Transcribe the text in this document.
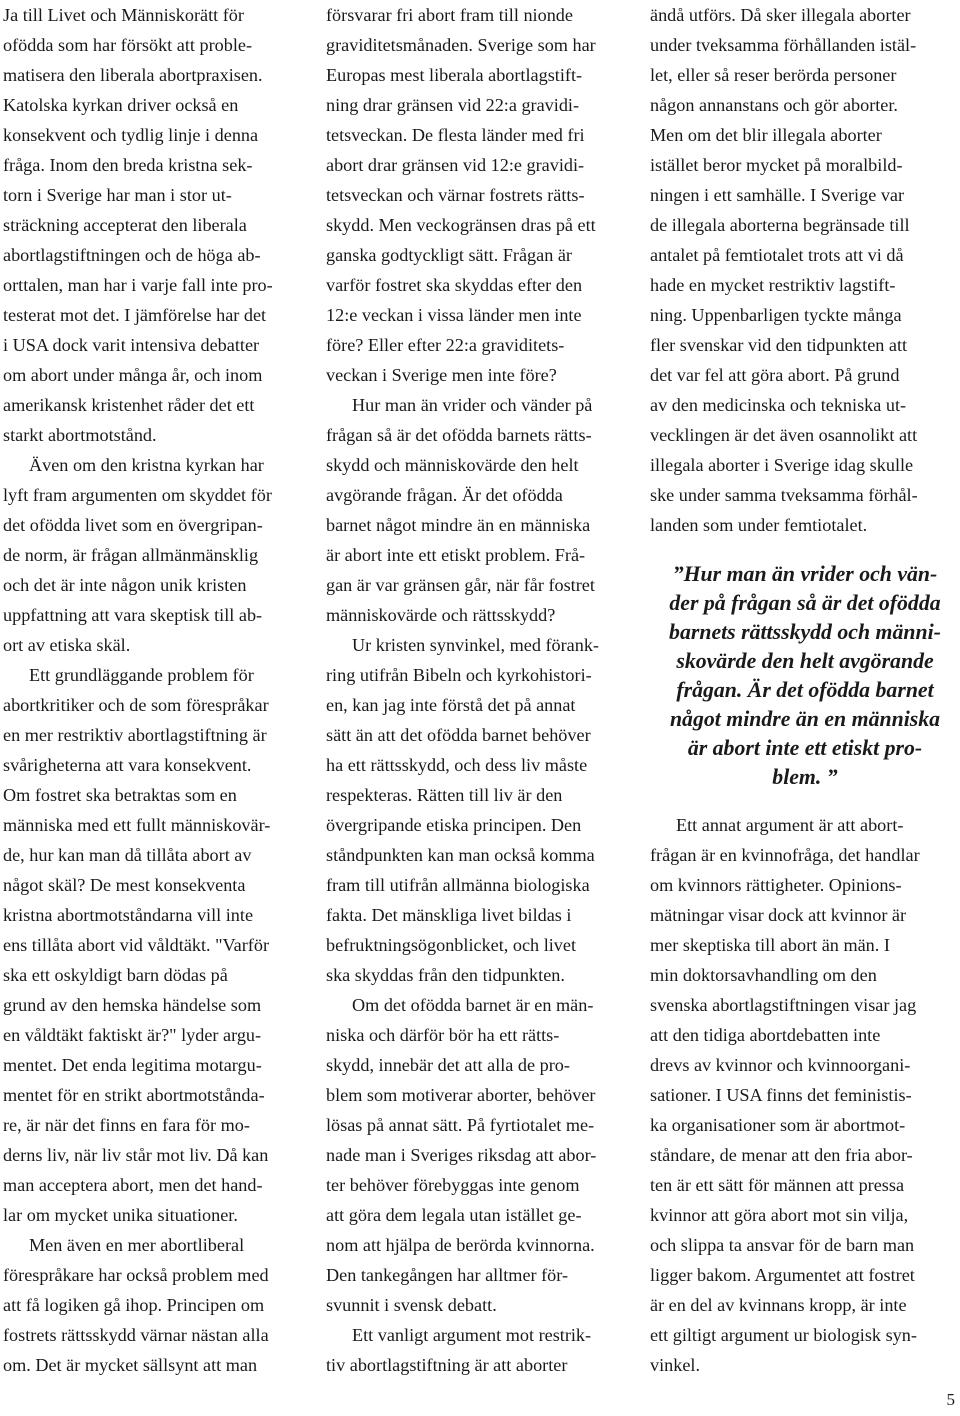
Ja till Livet och Människorätt för
ofödda som har försökt att proble-
matisera den liberala abortpraxisen.
Katolska kyrkan driver också en
konsekvent och tydlig linje i denna
fråga. Inom den breda kristna sek-
torn i Sverige har man i stor ut-
sträckning accepterat den liberala
abortlagstiftningen och de höga ab-
orttalen, man har i varje fall inte pro-
testerat mot det. I jämförelse har det
i USA dock varit intensiva debatter
om abort under många år, och inom
amerikansk kristenhet råder det ett
starkt abortmotstånd.

Även om den kristna kyrkan har
lyft fram argumenten om skyddet för
det ofödda livet som en övergripan-
de norm, är frågan allmänmänsklig
och det är inte någon unik kristen
uppfattning att vara skeptisk till ab-
ort av etiska skäl.

Ett grundläggande problem för
abortkritiker och de som förespråkar
en mer restriktiv abortlagstiftning är
svårigheterna att vara konsekvent.
Om fostret ska betraktas som en
människa med ett fullt människovär-
de, hur kan man då tillåta abort av
något skäl? De mest konsekventa
kristna abortmotståndarna vill inte
ens tillåta abort vid våldtäkt. "Varför
ska ett oskyldigt barn dödas på
grund av den hemska händelse som
en våldtäkt faktiskt är?" lyder argu-
mentet. Det enda legitima motargu-
mentet för en strikt abortmotstånda-
re, är när det finns en fara för mo-
derns liv, när liv står mot liv. Då kan
man acceptera abort, men det hand-
lar om mycket unika situationer.

Men även en mer abortliberal
förespråkare har också problem med
att få logiken gå ihop. Principen om
fostrets rättsskydd värnar nästan alla
om. Det är mycket sällsynt att man

försvarar fri abort fram till nionde
graviditetsmånaden. Sverige som har
Europas mest liberala abortlagstift-
ning drar gränsen vid 22:a gravidi-
tetsveckan. De flesta länder med fri
abort drar gränsen vid 12:e gravidi-
tetsveckan och värnar fostrets rätts-
skydd. Men veckogränsen dras på ett
ganska godtyckligt sätt. Frågan är
varför fostret ska skyddas efter den
12:e veckan i vissa länder men inte
före? Eller efter 22:a graviditets-
veckan i Sverige men inte före?

Hur man än vrider och vänder på
frågan så är det ofödda barnets rätts-
skydd och människovärde den helt
avgörande frågan. Är det ofödda
barnet något mindre än en människa
är abort inte ett etiskt problem. Frå-
gan är var gränsen går, när får fostret
människovärde och rättsskydd?

Ur kristen synvinkel, med förank-
ring utifrån Bibeln och kyrkohistori-
en, kan jag inte förstå det på annat
sätt än att det ofödda barnet behöver
ha ett rättsskydd, och dess liv måste
respekteras. Rätten till liv är den
övergripande etiska principen. Den
ståndpunkten kan man också komma
fram till utifrån allmänna biologiska
fakta. Det mänskliga livet bildas i
befruktningsögonblicket, och livet
ska skyddas från den tidpunkten.

Om det ofödda barnet är en män-
niska och därför bör ha ett rätts-
skydd, innebär det att alla de pro-
blem som motiverar aborter, behöver
lösas på annat sätt. På fyrtiotalet me-
nade man i Sveriges riksdag att abor-
ter behöver förebyggas inte genom
att göra dem legala utan istället ge-
nom att hjälpa de berörda kvinnorna.
Den tankegången har alltmer för-
svunnit i svensk debatt.

Ett vanligt argument mot restrik-
tiv abortlagstiftning är att aborter

ändå utförs. Då sker illegala aborter
under tveksamma förhållanden istäl-
let, eller så reser berörda personer
någon annanstans och gör aborter.
Men om det blir illegala aborter
istället beror mycket på moralbild-
ningen i ett samhälle. I Sverige var
de illegala aborterna begränsade till
antalet på femtiotalet trots att vi då
hade en mycket restriktiv lagstift-
ning. Uppenbarligen tyckte många
fler svenskar vid den tidpunkten att
det var fel att göra abort. På grund
av den medicinska och tekniska ut-
vecklingen är det även osannolikt att
illegala aborter i Sverige idag skulle
ske under samma tveksamma förhål-
landen som under femtiotalet.

”Hur man än vrider och vän-
der på frågan så är det ofödda
barnets rättsskydd och männi-
skovärde den helt avgörande
frågan. Är det ofödda barnet
något mindre än en människa
är abort inte ett etiskt pro-
blem. ”

Ett annat argument är att abort-
frågan är en kvinnofråga, det handlar
om kvinnors rättigheter. Opinions-
mätningar visar dock att kvinnor är
mer skeptiska till abort än män. I
min doktorsavhandling om den
svenska abortlagstiftningen visar jag
att den tidiga abortdebatten inte
drevs av kvinnor och kvinnoorgani-
sationer. I USA finns det feministis-
ka organisationer som är abortmot-
ståndare, de menar att den fria abor-
ten är ett sätt för männen att pressa
kvinnor att göra abort mot sin vilja,
och slippa ta ansvar för de barn man
ligger bakom. Argumentet att fostret
är en del av kvinnans kropp, är inte
ett giltigt argument ur biologisk syn-
vinkel.

5
